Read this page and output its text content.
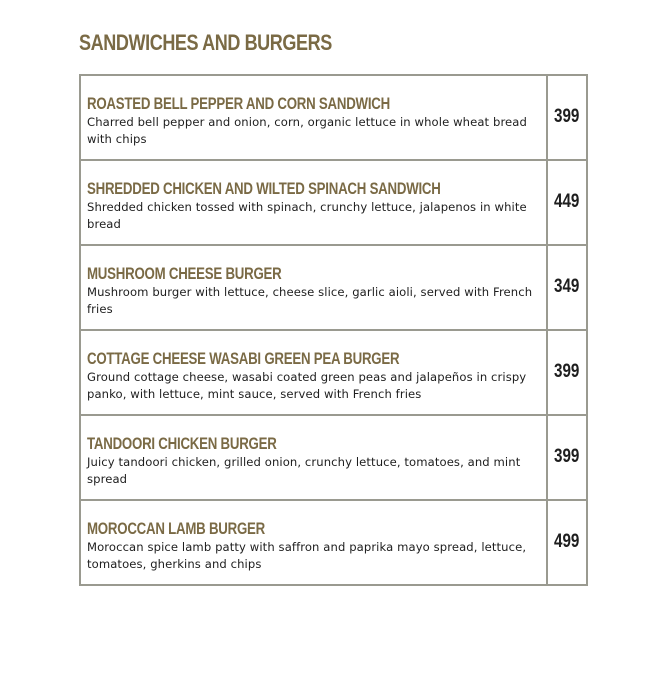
SANDWICHES AND BURGERS
ROASTED BELL PEPPER AND CORN SANDWICH
Charred bell pepper and onion, corn, organic lettuce in whole wheat bread with chips	399

SHREDDED CHICKEN AND WILTED SPINACH SANDWICH
Shredded chicken tossed with spinach, crunchy lettuce, jalapenos in white bread	449

MUSHROOM CHEESE BURGER
Mushroom burger with lettuce, cheese slice, garlic aioli, served with French fries	349

COTTAGE CHEESE WASABI GREEN PEA BURGER
Ground cottage cheese, wasabi coated green peas and jalapeños in crispy panko, with lettuce, mint sauce, served with French fries	399

TANDOORI CHICKEN BURGER
Juicy tandoori chicken, grilled onion, crunchy lettuce, tomatoes, and mint spread	399

MOROCCAN LAMB BURGER
Moroccan spice lamb patty with saffron and paprika mayo spread, lettuce, tomatoes, gherkins and chips	499
